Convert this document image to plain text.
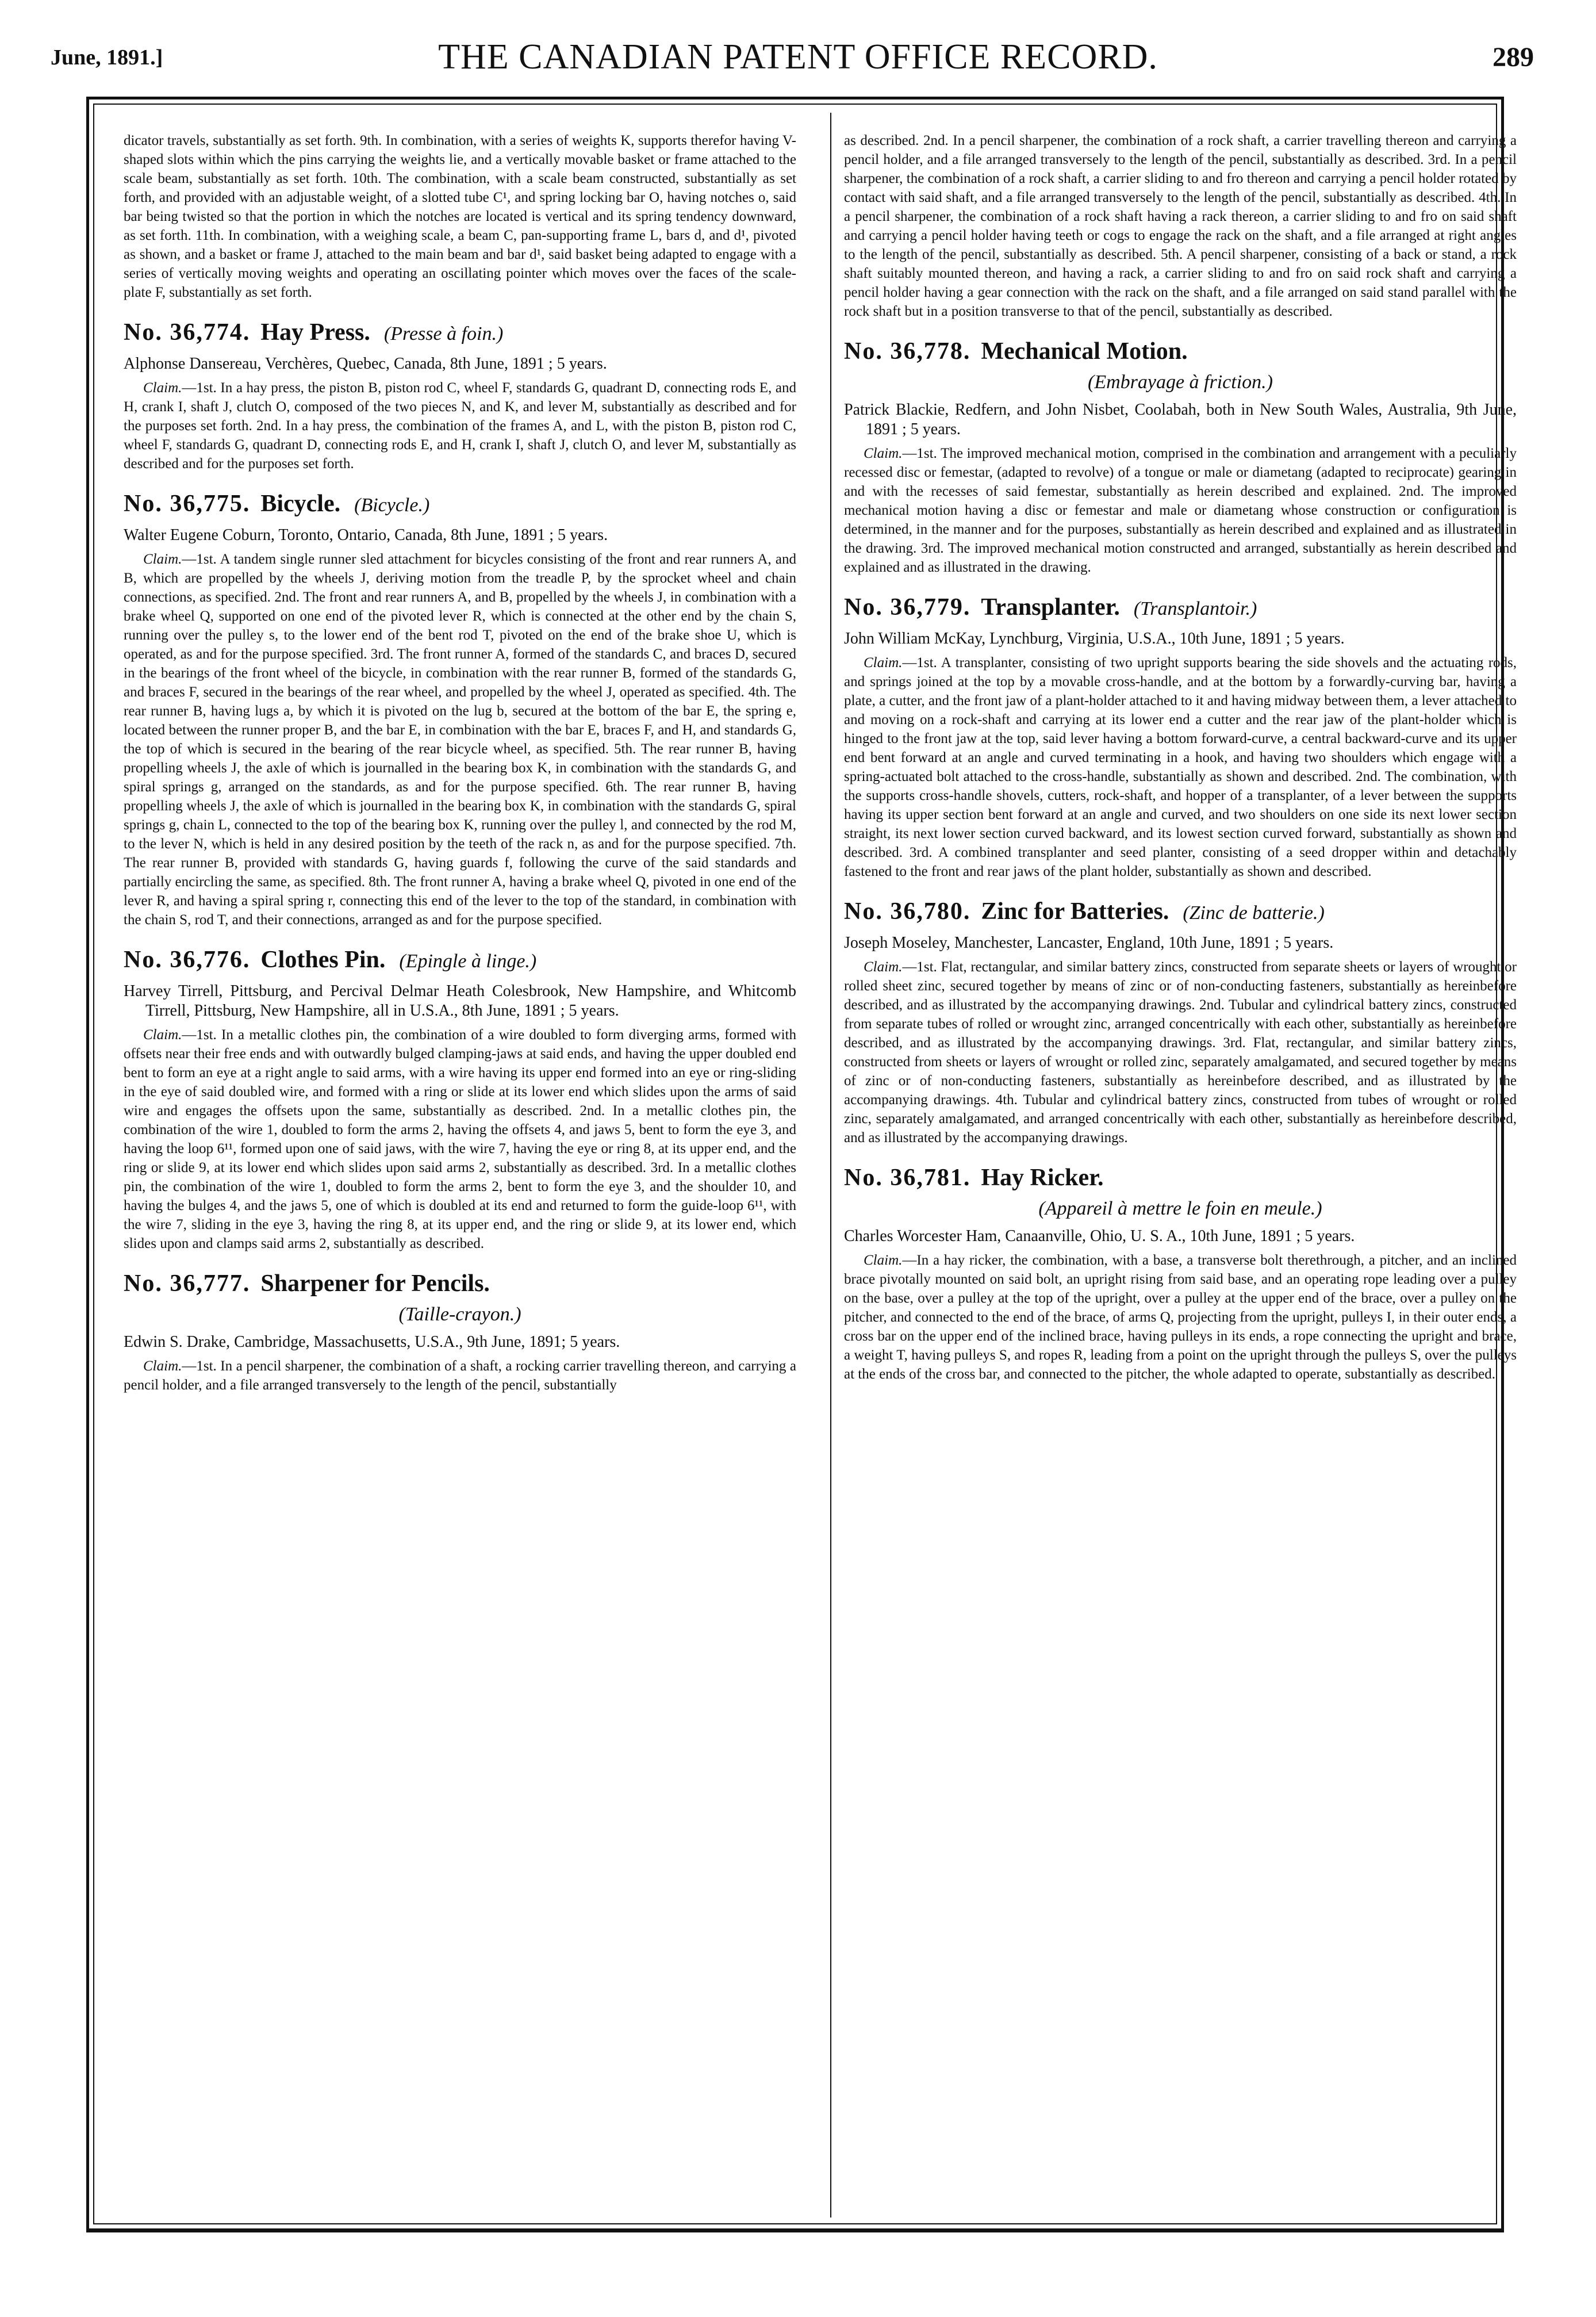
June, 1891.]	THE CANADIAN PATENT OFFICE RECORD.	289

dicator travels, substantially as set forth. 9th. In combination, with a series of weights K, supports therefor having V-shaped slots within which the pins carrying the weights lie, and a vertically movable basket or frame attached to the scale beam, substantially as set forth. 10th. The combination, with a scale beam constructed, substantially as set forth, and provided with an adjustable weight, of a slotted tube C¹, and spring locking bar O, having notches o, said bar being twisted so that the portion in which the notches are located is vertical and its spring tendency downward, as set forth. 11th. In combination, with a weighing scale, a beam C, pan-supporting frame L, bars d, and d¹, pivoted as shown, and a basket or frame J, attached to the main beam and bar d¹, said basket being adapted to engage with a series of vertically moving weights and operating an oscillating pointer which moves over the faces of the scale-plate F, substantially as set forth.

No. 36,774. Hay Press. (Presse à foin.)

Alphonse Dansereau, Verchères, Quebec, Canada, 8th June, 1891 ; 5 years.

Claim.—1st. In a hay press, the piston B, piston rod C, wheel F, standards G, quadrant D, connecting rods E, and H, crank I, shaft J, clutch O, composed of the two pieces N, and K, and lever M, substantially as described and for the purposes set forth. 2nd. In a hay press, the combination of the frames A, and L, with the piston B, piston rod C, wheel F, standards G, quadrant D, connecting rods E, and H, crank I, shaft J, clutch O, and lever M, substantially as described and for the purposes set forth.

No. 36,775. Bicycle. (Bicycle.)

Walter Eugene Coburn, Toronto, Ontario, Canada, 8th June, 1891 ; 5 years.

Claim.—1st. A tandem single runner sled attachment for bicycles consisting of the front and rear runners A, and B, which are propelled by the wheels J, deriving motion from the treadle P, by the sprocket wheel and chain connections, as specified. 2nd. The front and rear runners A, and B, propelled by the wheels J, in combination with a brake wheel Q, supported on one end of the pivoted lever R, which is connected at the other end by the chain S, running over the pulley s, to the lower end of the bent rod T, pivoted on the end of the brake shoe U, which is operated, as and for the purpose specified. 3rd. The front runner A, formed of the standards C, and braces D, secured in the bearings of the front wheel of the bicycle, in combination with the rear runner B, formed of the standards G, and braces F, secured in the bearings of the rear wheel, and propelled by the wheel J, operated as specified. 4th. The rear runner B, having lugs a, by which it is pivoted on the lug b, secured at the bottom of the bar E, the spring e, located between the runner proper B, and the bar E, in combination with the bar E, braces F, and H, and standards G, the top of which is secured in the bearing of the rear bicycle wheel, as specified. 5th. The rear runner B, having propelling wheels J, the axle of which is journalled in the bearing box K, in combination with the standards G, and spiral springs g, arranged on the standards, as and for the purpose specified. 6th. The rear runner B, having propelling wheels J, the axle of which is journalled in the bearing box K, in combination with the standards G, spiral springs g, chain L, connected to the top of the bearing box K, running over the pulley l, and connected by the rod M, to the lever N, which is held in any desired position by the teeth of the rack n, as and for the purpose specified. 7th. The rear runner B, provided with standards G, having guards f, following the curve of the said standards and partially encircling the same, as specified. 8th. The front runner A, having a brake wheel Q, pivoted in one end of the lever R, and having a spiral spring r, connecting this end of the lever to the top of the standard, in combination with the chain S, rod T, and their connections, arranged as and for the purpose specified.

No. 36,776. Clothes Pin. (Epingle à linge.)

Harvey Tirrell, Pittsburg, and Percival Delmar Heath Colesbrook, New Hampshire, and Whitcomb Tirrell, Pittsburg, New Hampshire, all in U.S.A., 8th June, 1891 ; 5 years.

Claim.—1st. In a metallic clothes pin, the combination of a wire doubled to form diverging arms, formed with offsets near their free ends and with outwardly bulged clamping-jaws at said ends, and having the upper doubled end bent to form an eye at a right angle to said arms, with a wire having its upper end formed into an eye or ring-sliding in the eye of said doubled wire, and formed with a ring or slide at its lower end which slides upon the arms of said wire and engages the offsets upon the same, substantially as described. 2nd. In a metallic clothes pin, the combination of the wire 1, doubled to form the arms 2, having the offsets 4, and jaws 5, bent to form the eye 3, and having the loop 6¹¹, formed upon one of said jaws, with the wire 7, having the eye or ring 8, at its upper end, and the ring or slide 9, at its lower end which slides upon said arms 2, substantially as described. 3rd. In a metallic clothes pin, the combination of the wire 1, doubled to form the arms 2, bent to form the eye 3, and the shoulder 10, and having the bulges 4, and the jaws 5, one of which is doubled at its end and returned to form the guide-loop 6¹¹, with the wire 7, sliding in the eye 3, having the ring 8, at its upper end, and the ring or slide 9, at its lower end, which slides upon and clamps said arms 2, substantially as described.

No. 36,777. Sharpener for Pencils.

(Taille-crayon.)

Edwin S. Drake, Cambridge, Massachusetts, U.S.A., 9th June, 1891; 5 years.

Claim.—1st. In a pencil sharpener, the combination of a shaft, a rocking carrier travelling thereon, and carrying a pencil holder, and a file arranged transversely to the length of the pencil, substantially

as described. 2nd. In a pencil sharpener, the combination of a rock shaft, a carrier travelling thereon and carrying a pencil holder, and a file arranged transversely to the length of the pencil, substantially as described. 3rd. In a pencil sharpener, the combination of a rock shaft, a carrier sliding to and fro thereon and carrying a pencil holder rotated by contact with said shaft, and a file arranged transversely to the length of the pencil, substantially as described. 4th. In a pencil sharpener, the combination of a rock shaft having a rack thereon, a carrier sliding to and fro on said shaft and carrying a pencil holder having teeth or cogs to engage the rack on the shaft, and a file arranged at right angles to the length of the pencil, substantially as described. 5th. A pencil sharpener, consisting of a back or stand, a rock shaft suitably mounted thereon, and having a rack, a carrier sliding to and fro on said rock shaft and carrying a pencil holder having a gear connection with the rack on the shaft, and a file arranged on said stand parallel with the rock shaft but in a position transverse to that of the pencil, substantially as described.

No. 36,778. Mechanical Motion.

(Embrayage à friction.)

Patrick Blackie, Redfern, and John Nisbet, Coolabah, both in New South Wales, Australia, 9th June, 1891 ; 5 years.

Claim.—1st. The improved mechanical motion, comprised in the combination and arrangement with a peculiarly recessed disc or femestar, (adapted to revolve) of a tongue or male or diametang (adapted to reciprocate) gearing in and with the recesses of said femestar, substantially as herein described and explained. 2nd. The improved mechanical motion having a disc or femestar and male or diametang whose construction or configuration is determined, in the manner and for the purposes, substantially as herein described and explained and as illustrated in the drawing. 3rd. The improved mechanical motion constructed and arranged, substantially as herein described and explained and as illustrated in the drawing.

No. 36,779. Transplanter. (Transplantoir.)

John William McKay, Lynchburg, Virginia, U.S.A., 10th June, 1891 ; 5 years.

Claim.—1st. A transplanter, consisting of two upright supports bearing the side shovels and the actuating rods, and springs joined at the top by a movable cross-handle, and at the bottom by a forwardly-curving bar, having a plate, a cutter, and the front jaw of a plant-holder attached to it and having midway between them, a lever attached to and moving on a rock-shaft and carrying at its lower end a cutter and the rear jaw of the plant-holder which is hinged to the front jaw at the top, said lever having a bottom forward-curve, a central backward-curve and its upper end bent forward at an angle and curved terminating in a hook, and having two shoulders which engage with a spring-actuated bolt attached to the cross-handle, substantially as shown and described. 2nd. The combination, with the supports cross-handle shovels, cutters, rock-shaft, and hopper of a transplanter, of a lever between the supports having its upper section bent forward at an angle and curved, and two shoulders on one side its next lower section straight, its next lower section curved backward, and its lowest section curved forward, substantially as shown and described. 3rd. A combined transplanter and seed planter, consisting of a seed dropper within and detachably fastened to the front and rear jaws of the plant holder, substantially as shown and described.

No. 36,780. Zinc for Batteries. (Zinc de batterie.)

Joseph Moseley, Manchester, Lancaster, England, 10th June, 1891 ; 5 years.

Claim.—1st. Flat, rectangular, and similar battery zincs, constructed from separate sheets or layers of wrought or rolled sheet zinc, secured together by means of zinc or of non-conducting fasteners, substantially as hereinbefore described, and as illustrated by the accompanying drawings. 2nd. Tubular and cylindrical battery zincs, constructed from separate tubes of rolled or wrought zinc, arranged concentrically with each other, substantially as hereinbefore described, and as illustrated by the accompanying drawings. 3rd. Flat, rectangular, and similar battery zincs, constructed from sheets or layers of wrought or rolled zinc, separately amalgamated, and secured together by means of zinc or of non-conducting fasteners, substantially as hereinbefore described, and as illustrated by the accompanying drawings. 4th. Tubular and cylindrical battery zincs, constructed from tubes of wrought or rolled zinc, separately amalgamated, and arranged concentrically with each other, substantially as hereinbefore described, and as illustrated by the accompanying drawings.

No. 36,781. Hay Ricker.

(Appareil à mettre le foin en meule.)

Charles Worcester Ham, Canaanville, Ohio, U. S. A., 10th June, 1891 ; 5 years.

Claim.—In a hay ricker, the combination, with a base, a transverse bolt therethrough, a pitcher, and an inclined brace pivotally mounted on said bolt, an upright rising from said base, and an operating rope leading over a pulley on the base, over a pulley at the top of the upright, over a pulley at the upper end of the brace, over a pulley on the pitcher, and connected to the end of the brace, of arms Q, projecting from the upright, pulleys I, in their outer ends, a cross bar on the upper end of the inclined brace, having pulleys in its ends, a rope connecting the upright and brace, a weight T, having pulleys S, and ropes R, leading from a point on the upright through the pulleys S, over the pulleys at the ends of the cross bar, and connected to the pitcher, the whole adapted to operate, substantially as described.
